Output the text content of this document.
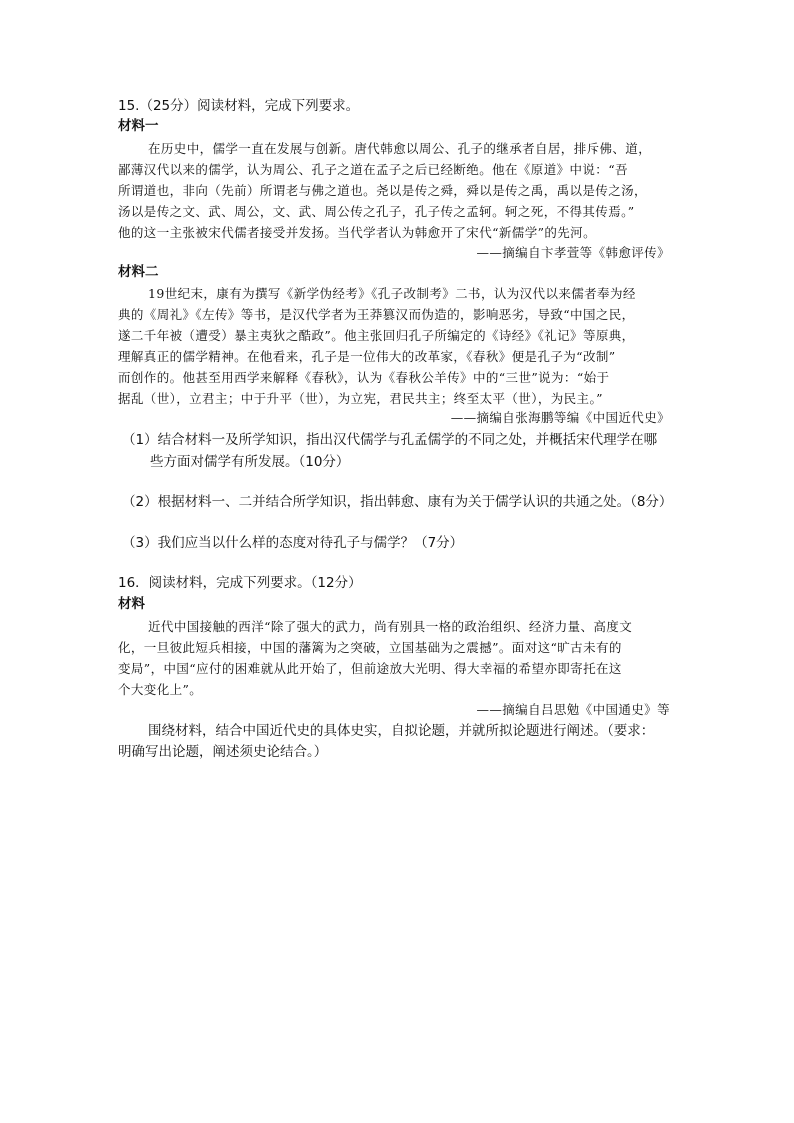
15.（25分）阅读材料，完成下列要求。
材料一
在历史中，儒学一直在发展与创新。唐代韩愈以周公、孔子的继承者自居，排斥佛、道，
鄙薄汉代以来的儒学，认为周公、孔子之道在孟子之后已经断绝。他在《原道》中说：“吾
所谓道也，非向（先前）所谓老与佛之道也。尧以是传之舜，舜以是传之禹，禹以是传之汤，
汤以是传之文、武、周公，文、武、周公传之孔子，孔子传之孟轲。轲之死，不得其传焉。”
他的这一主张被宋代儒者接受并发扬。当代学者认为韩愈开了宋代“新儒学”的先河。
——摘编自卞孝萱等《韩愈评传》
材料二
19世纪末，康有为撰写《新学伪经考》《孔子改制考》二书，认为汉代以来儒者奉为经
典的《周礼》《左传》等书，是汉代学者为王莽篡汉而伪造的，影响恶劣，导致“中国之民，
遂二千年被（遭受）暴主夷狄之酷政”。他主张回归孔子所编定的《诗经》《礼记》等原典，
理解真正的儒学精神。在他看来，孔子是一位伟大的改革家，《春秋》便是孔子为“改制”
而创作的。他甚至用西学来解释《春秋》，认为《春秋公羊传》中的“三世”说为：“始于
据乱（世），立君主；中于升平（世），为立宪，君民共主；终至太平（世），为民主。”
——摘编自张海鹏等编《中国近代史》
（1）结合材料一及所学知识，指出汉代儒学与孔孟儒学的不同之处，并概括宋代理学在哪
些方面对儒学有所发展。（10分）
（2）根据材料一、二并结合所学知识，指出韩愈、康有为关于儒学认识的共通之处。（8分）
（3）我们应当以什么样的态度对待孔子与儒学？（7分）
16．阅读材料，完成下列要求。（12分）
材料
近代中国接触的西洋“除了强大的武力，尚有别具一格的政治组织、经济力量、高度文
化，一旦彼此短兵相接，中国的藩篱为之突破，立国基础为之震撼”。面对这“旷古未有的
变局”，中国“应付的困难就从此开始了，但前途放大光明、得大幸福的希望亦即寄托在这
个大变化上”。
——摘编自吕思勉《中国通史》等
围绕材料，结合中国近代史的具体史实，自拟论题，并就所拟论题进行阐述。（要求：
明确写出论题，阐述须史论结合。）
